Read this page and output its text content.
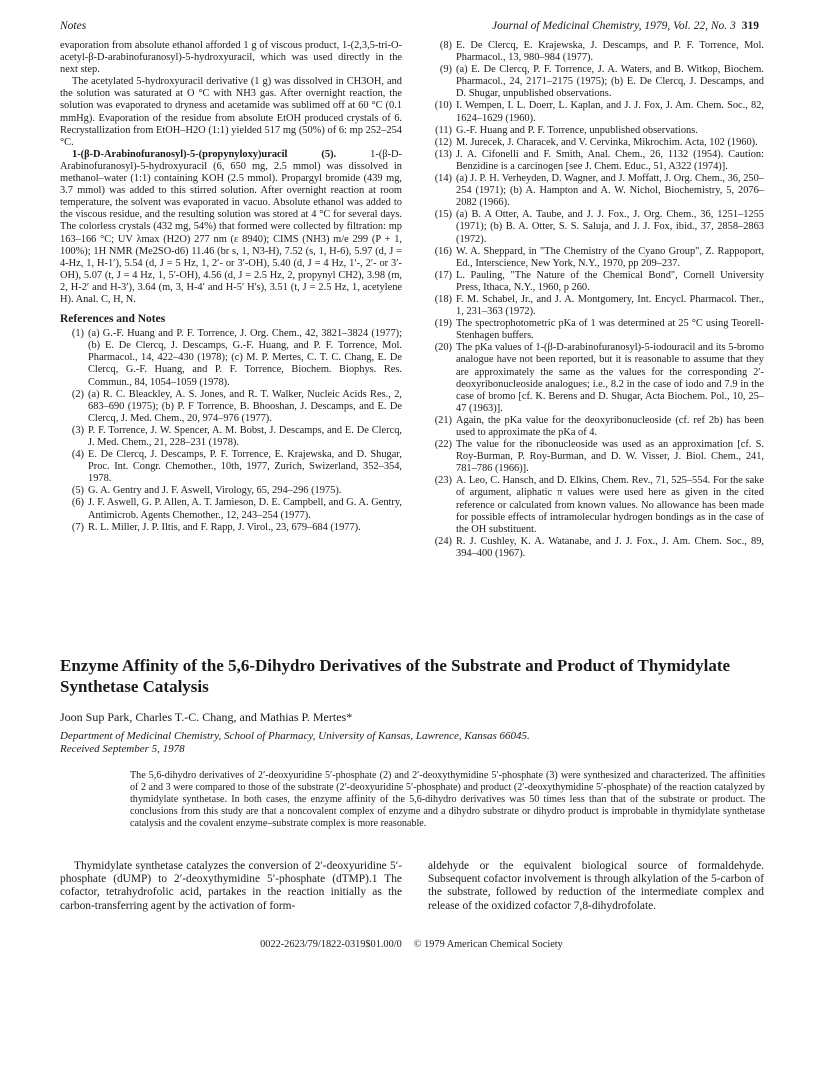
Notes	Journal of Medicinal Chemistry, 1979, Vol. 22, No. 3 319

evaporation from absolute ethanol afforded 1 g of viscous product, 1-(2,3,5-tri-O-acetyl-β-D-arabinofuranosyl)-5-hydroxyuracil, which was used directly in the next step.

The acetylated 5-hydroxyuracil derivative (1 g) was dissolved in CH3OH, and the solution was saturated at O °C with NH3 gas. After overnight reaction, the solution was evaporated to dryness and acetamide was sublimed off at 60 °C (0.1 mmHg). Evaporation of the residue from absolute EtOH produced crystals of 6. Recrystallization from EtOH–H2O (1:1) yielded 517 mg (50%) of 6: mp 252–254 °C.

1-(β-D-Arabinofuranosyl)-5-(propynyloxy)uracil (5).	1-(β-D-Arabinofuranosyl)-5-hydroxyuracil (6, 650 mg, 2.5 mmol) was dissolved in methanol–water (1:1) containing KOH (2.5 mmol). Propargyl bromide (439 mg, 3.7 mmol) was added to this stirred solution. After overnight reaction at room temperature, the solvent was evaporated in vacuo. Absolute ethanol was added to the viscous residue, and the resulting solution was stored at 4 °C for several days. The colorless crystals (432 mg, 54%) that formed were collected by filtration: mp 163–166 °C; UV λmax (H2O) 277 nm (ε 8940); CIMS (NH3) m/e 299 (P + 1, 100%); 1H NMR (Me2SO-d6) 11.46 (br s, 1, N3-H), 7.52 (s, 1, H-6), 5.97 (d, J = 4-Hz, 1, H-1′), 5.54 (d, J = 5 Hz, 1, 2′- or 3′-OH), 5.40 (d, J = 4 Hz, 1′-, 2′- or 3′-OH), 5.07 (t, J = 4 Hz, 1, 5′-OH), 4.56 (d, J = 2.5 Hz, 2, propynyl CH2), 3.98 (m, 2, H-2′ and H-3′), 3.64 (m, 3, H-4′ and H-5′ H's), 3.51 (t, J = 2.5 Hz, 1, acetylene H). Anal. C, H, N.

References and Notes

(1) (a) G.-F. Huang and P. F. Torrence, J. Org. Chem., 42, 3821–3824 (1977); (b) E. De Clercq, J. Descamps, G.-F. Huang, and P. F. Torrence, Mol. Pharmacol., 14, 422–430 (1978); (c) M. P. Mertes, C. T. C. Chang, E. De Clercq, G.-F. Huang, and P. F. Torrence, Biochem. Biophys. Res. Commun., 84, 1054–1059 (1978).

(2) (a) R. C. Bleackley, A. S. Jones, and R. T. Walker, Nucleic Acids Res., 2, 683–690 (1975); (b) P. F Torrence, B. Bhooshan, J. Descamps, and E. De Clercq, J. Med. Chem., 20, 974–976 (1977).

(3) P. F. Torrence, J. W. Spencer, A. M. Bobst, J. Descamps, and E. De Clercq, J. Med. Chem., 21, 228–231 (1978).

(4) E. De Clercq, J. Descamps, P. F. Torrence, E. Krajewska, and D. Shugar, Proc. Int. Congr. Chemother., 10th, 1977, Zurich, Swizerland, 352–354, 1978.

(5) G. A. Gentry and J. F. Aswell, Virology, 65, 294–296 (1975).

(6) J. F. Aswell, G. P. Allen, A. T. Jamieson, D. E. Campbell, and G. A. Gentry, Antimicrob. Agents Chemother., 12, 243–254 (1977).

(7) R. L. Miller, J. P. Iltis, and F. Rapp, J. Virol., 23, 679–684 (1977).

(8) E. De Clercq, E. Krajewska, J. Descamps, and P. F. Torrence, Mol. Pharmacol., 13, 980–984 (1977).

(9) (a) E. De Clercq, P. F. Torrence, J. A. Waters, and B. Witkop, Biochem. Pharmacol., 24, 2171–2175 (1975); (b) E. De Clercq, J. Descamps, and D. Shugar, unpublished observations.

(10) I. Wempen, I. L. Doerr, L. Kaplan, and J. J. Fox, J. Am. Chem. Soc., 82, 1624–1629 (1960).

(11) G.-F. Huang and P. F. Torrence, unpublished observations.

(12) M. Jurecek, J. Characek, and V. Cervinka, Mikrochim. Acta, 102 (1960).

(13) J. A. Cifonelli and F. Smith, Anal. Chem., 26, 1132 (1954). Caution: Benzidine is a carcinogen [see J. Chem. Educ., 51, A322 (1974)].

(14) (a) J. P. H. Verheyden, D. Wagner, and J. Moffatt, J. Org. Chem., 36, 250–254 (1971); (b) A. Hampton and A. W. Nichol, Biochemistry, 5, 2076–2082 (1966).

(15) (a) B. A Otter, A. Taube, and J. J. Fox., J. Org. Chem., 36, 1251–1255 (1971); (b) B. A. Otter, S. S. Saluja, and J. J. Fox, ibid., 37, 2858–2863 (1972).

(16) W. A. Sheppard, in "The Chemistry of the Cyano Group", Z. Rappoport, Ed., Interscience, New York, N.Y., 1970, pp 209–237.

(17) L. Pauling, "The Nature of the Chemical Bond", Cornell University Press, Ithaca, N.Y., 1960, p 260.

(18) F. M. Schabel, Jr., and J. A. Montgomery, Int. Encycl. Pharmacol. Ther., 1, 231–363 (1972).

(19) The spectrophotometric pKa of 1 was determined at 25 °C using Teorell-Stenhagen buffers.

(20) The pKa values of 1-(β-D-arabinofuranosyl)-5-iodouracil and its 5-bromo analogue have not been reported, but it is reasonable to assume that they are approximately the same as the values for the corresponding 2′-deoxyribonucleoside analogues; i.e., 8.2 in the case of iodo and 7.9 in the case of bromo [cf. K. Berens and D. Shugar, Acta Biochem. Pol., 10, 25–47 (1963)].

(21) Again, the pKa value for the deoxyribonucleoside (cf. ref 2b) has been used to approximate the pKa of 4.

(22) The value for the ribonucleoside was used as an approximation [cf. S. Roy-Burman, P. Roy-Burman, and D. W. Visser, J. Biol. Chem., 241, 781–786 (1966)].

(23) A. Leo, C. Hansch, and D. Elkins, Chem. Rev., 71, 525–554. For the sake of argument, aliphatic π values were used here as given in the cited reference or calculated from known values. No allowance has been made for possible effects of intramolecular hydrogen bondings as in the case of the OH substituent.

(24) R. J. Cushley, K. A. Watanabe, and J. J. Fox., J. Am. Chem. Soc., 89, 394–400 (1967).

Enzyme Affinity of the 5,6-Dihydro Derivatives of the Substrate and Product of Thymidylate Synthetase Catalysis
Joon Sup Park, Charles T.-C. Chang, and Mathias P. Mertes*
Department of Medicinal Chemistry, School of Pharmacy, University of Kansas, Lawrence, Kansas 66045.
Received September 5, 1978
The 5,6-dihydro derivatives of 2′-deoxyuridine 5′-phosphate (2) and 2′-deoxythymidine 5′-phosphate (3) were synthesized and characterized. The affinities of 2 and 3 were compared to those of the substrate (2′-deoxyuridine 5′-phosphate) and product (2′-deoxythymidine 5′-phosphate) of the reaction catalyzed by thymidylate synthetase. In both cases, the enzyme affinity of the 5,6-dihydro derivatives was 50 times less than that of the substrate or product. The conclusions from this study are that a noncovalent complex of enzyme and a dihydro substrate or dihydro product is improbable in thymidylate synthetase catalysis and the covalent enzyme–substrate complex is more reasonable.
Thymidylate synthetase catalyzes the conversion of 2′-deoxyuridine 5′-phosphate (dUMP) to 2′-deoxythymidine 5′-phosphate (dTMP).1 The cofactor, tetrahydrofolic acid, partakes in the reaction initially as the carbon-transferring agent by the activation of form-
aldehyde or the equivalent biological source of formaldehyde. Subsequent cofactor involvement is through alkylation of the 5-carbon of the substrate, followed by reduction of the intermediate complex and release of the oxidized cofactor 7,8-dihydrofolate.
0022-2623/79/1822-0319$01.00/0 © 1979 American Chemical Society
